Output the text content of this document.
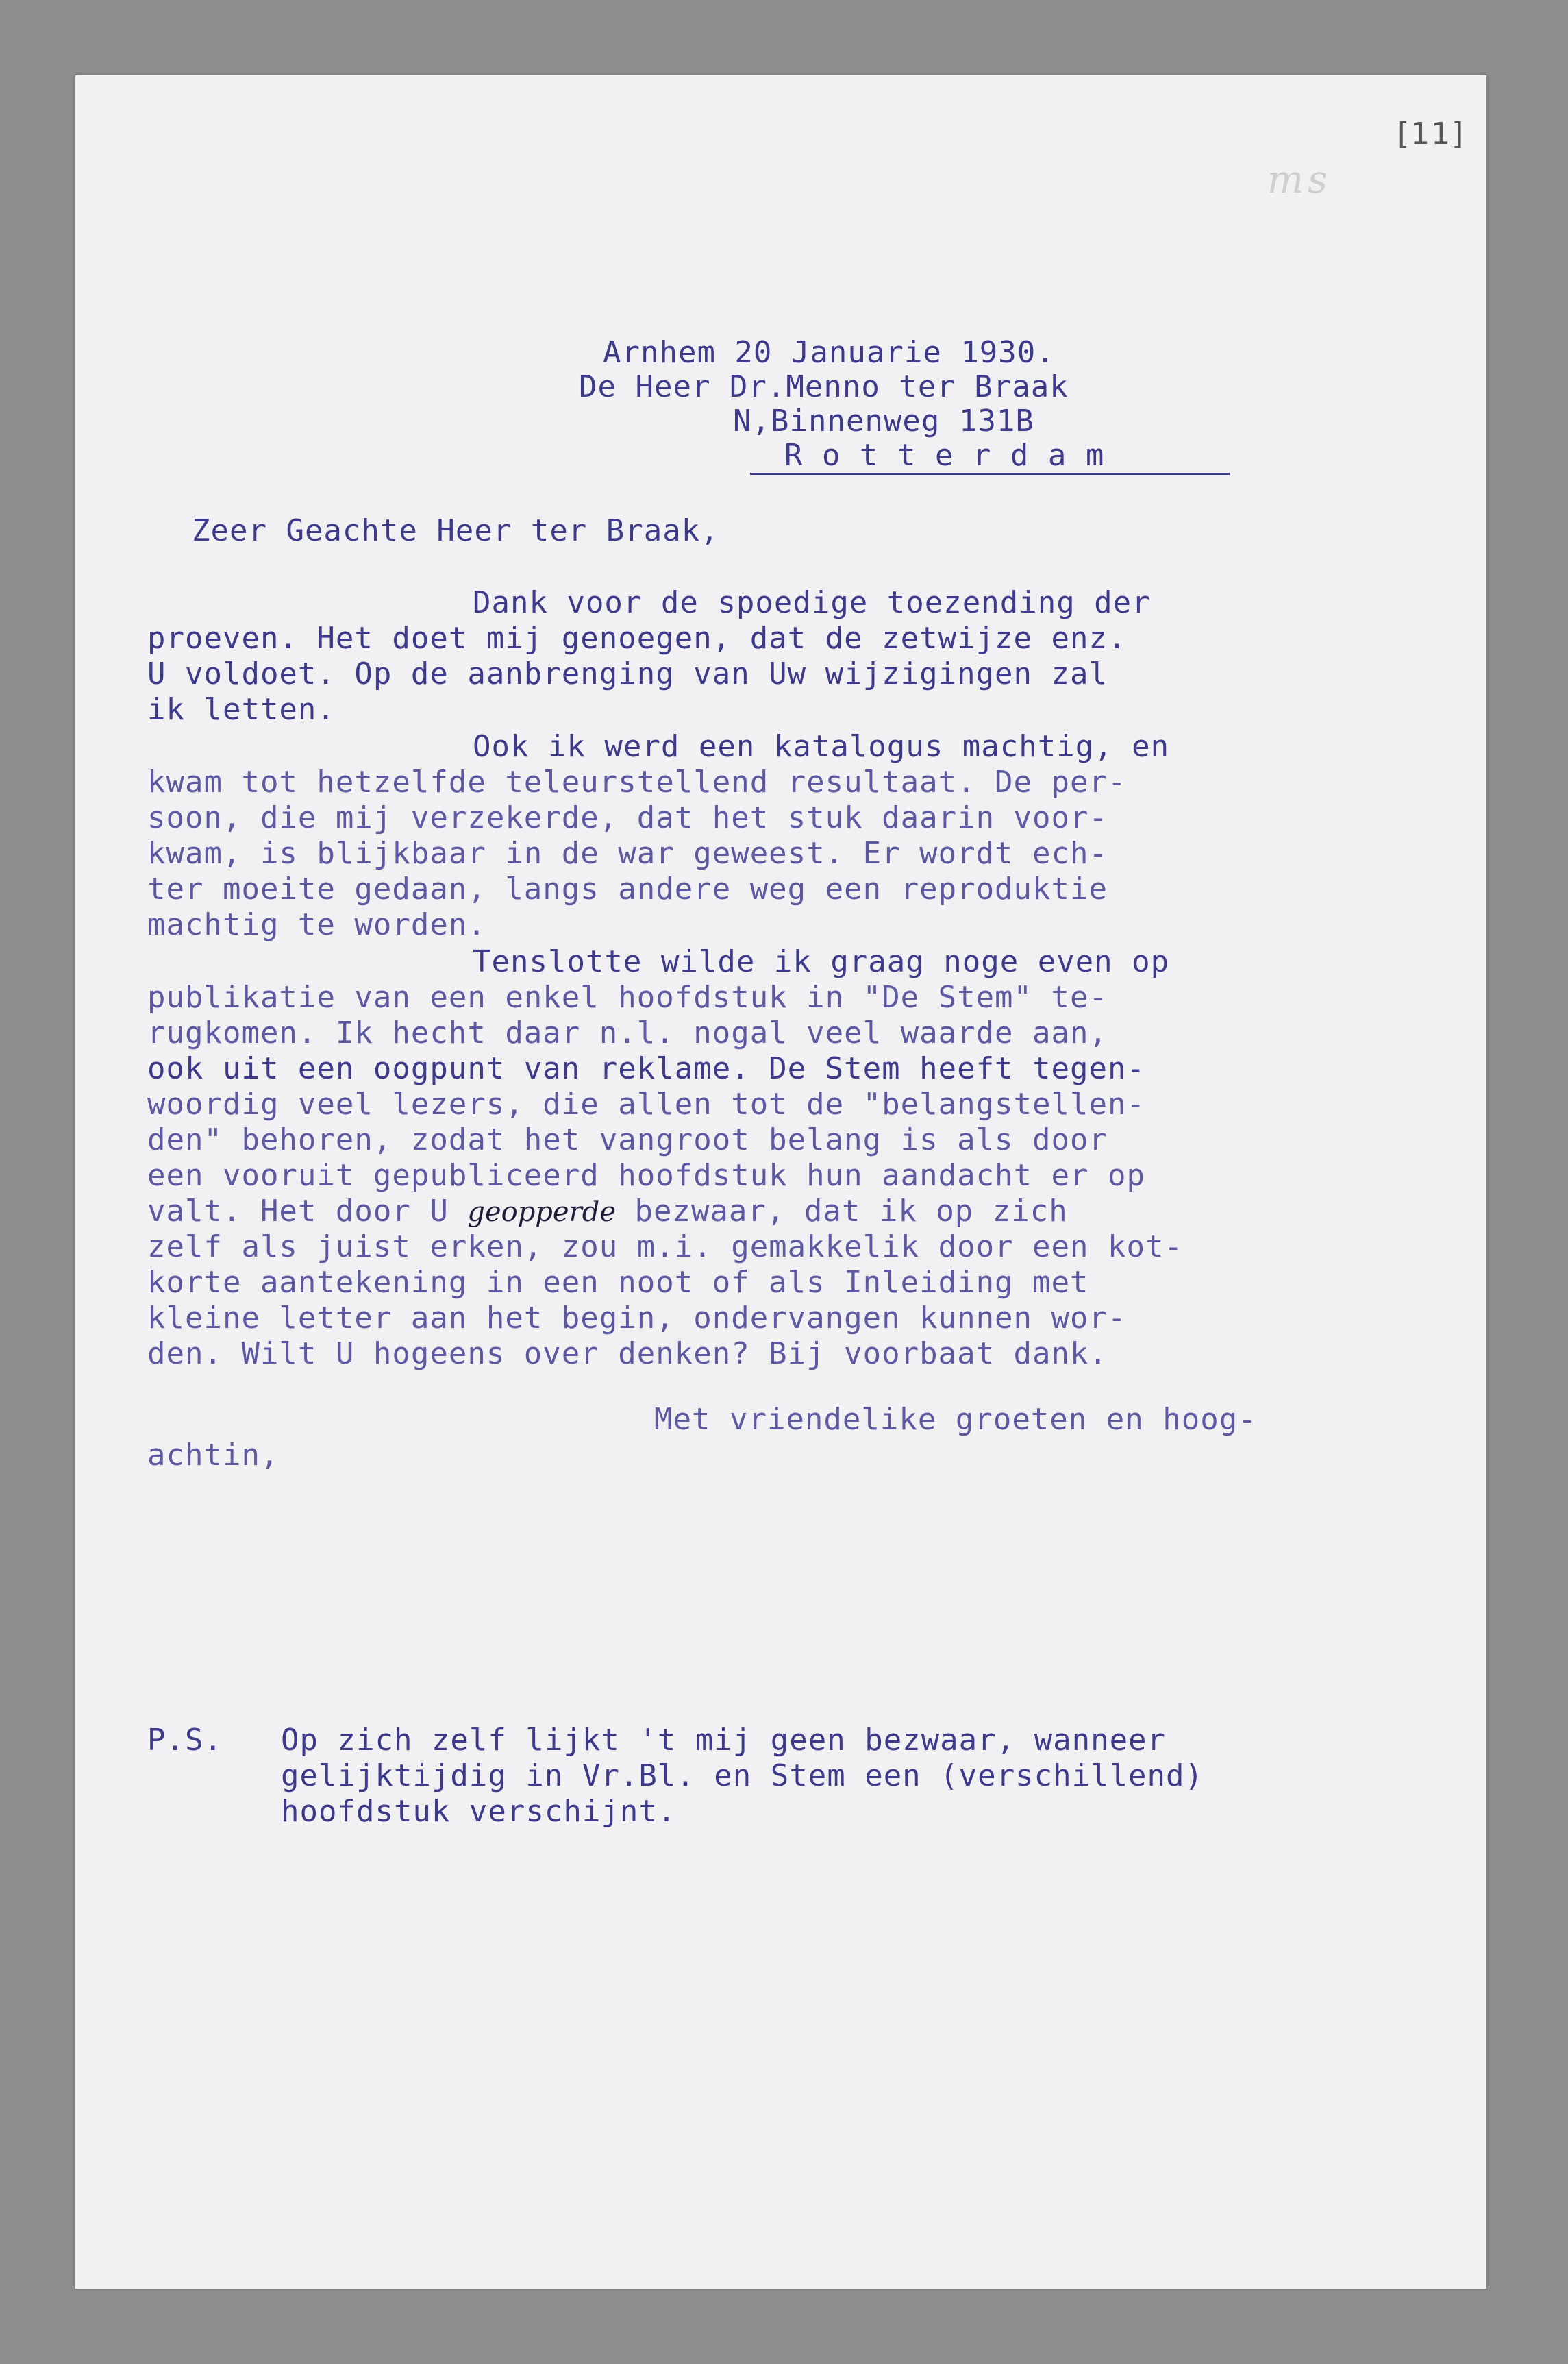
[11]
ms
Arnhem 20 Januarie 1930.
De Heer Dr.Menno ter Braak
N,Binnenweg 131B
R o t t e r d a m
Zeer Geachte Heer ter Braak,
Dank voor de spoedige toezending der
proeven. Het doet mij genoegen, dat de zetwijze enz.
U voldoet. Op de aanbrenging van Uw wijzigingen zal
ik letten.
Ook ik werd een katalogus machtig, en
kwam tot hetzelfde teleurstellend resultaat. De per-
soon, die mij verzekerde, dat het stuk daarin voor-
kwam, is blijkbaar in de war geweest. Er wordt ech-
ter moeite gedaan, langs andere weg een reproduktie
machtig te worden.
Tenslotte wilde ik graag noge even op
publikatie van een enkel hoofdstuk in "De Stem" te-
rugkomen. Ik hecht daar n.l. nogal veel waarde aan,
ook uit een oogpunt van reklame. De Stem heeft tegen-
woordig veel lezers, die allen tot de "belangstellen-
den" behoren, zodat het vangroot belang is als door
een vooruit gepubliceerd hoofdstuk hun aandacht er op
valt. Het door U geopperde bezwaar, dat ik op zich
zelf als juist erken, zou m.i. gemakkelik door een kot-
korte aantekening in een noot of als Inleiding met
kleine letter aan het begin, ondervangen kunnen wor-
den. Wilt U hogeens over denken? Bij voorbaat dank.
Met vriendelike groeten en hoog-
achtin,
P.S. Op zich zelf lijkt 't mij geen bezwaar, wanneer
gelijktijdig in Vr.Bl. en Stem een (verschillend)
hoofdstuk verschijnt.
